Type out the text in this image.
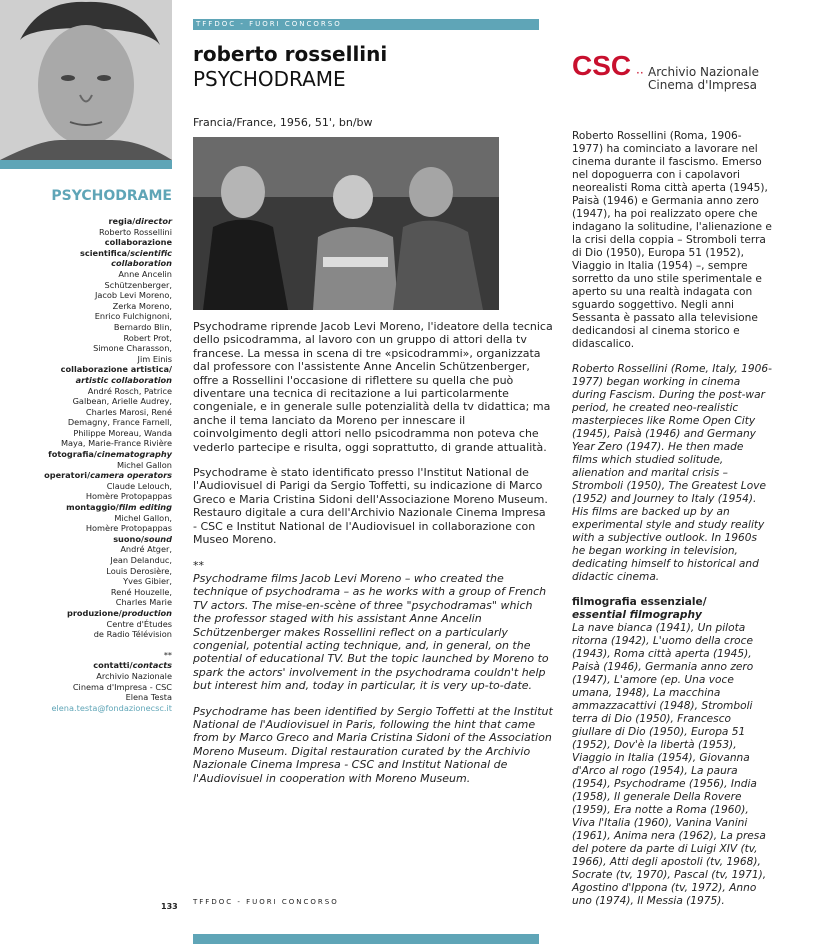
TFFDOC - FUORI CONCORSO
roberto rossellini
PSYCHODRAME	CSC ·· Archivio Nazionale
Cinema d'Impresa
Francia/France, 1956, 51', bn/bw
PSYCHODRAME
regia/director
Roberto Rossellini
collaborazione
scientifica/scientific
collaboration
Anne Ancelin
Schützenberger,
Jacob Levi Moreno,
Zerka Moreno,
Enrico Fulchignoni,
Bernardo Blin,
Robert Prot,
Simone Charasson,
Jim Einis
collaborazione artistica/
artistic collaboration
André Rosch, Patrice
Galbean, Arielle Audrey,
Charles Marosi, René
Demagny, France Farnell,
Philippe Moreau, Wanda
Maya, Marie-France Rivière
fotografia/cinematography
Michel Gallon
operatori/camera operators
Claude Lelouch,
Homère Protopappas
montaggio/film editing
Michel Gallon,
Homère Protopappas
suono/sound
André Atger,
Jean Delanduc,
Louis Derosière,
Yves Gibier,
René Houzelle,
Charles Marie
produzione/production
Centre d'Études
de Radio Télévision
**
contatti/contacts
Archivio Nazionale
Cinema d'Impresa - CSC
Elena Testa
elena.testa@fondazionecsc.it

Psychodrame riprende Jacob Levi Moreno, l'ideatore della tecnica dello psicodramma, al lavoro con un gruppo di attori della tv francese. La messa in scena di tre «psicodrammi», organizzata dal professore con l'assistente Anne Ancelin Schützenberger, offre a Rossellini l'occasione di riflettere su quella che può diventare una tecnica di recitazione a lui particolarmente congeniale, e in generale sulle potenzialità della tv didattica; ma anche il tema lanciato da Moreno per innescare il coinvolgimento degli attori nello psicodramma non poteva che vederlo partecipe e risulta, oggi soprattutto, di grande attualità.

Psychodrame è stato identificato presso l'Institut National de l'Audiovisuel di Parigi da Sergio Toffetti, su indicazione di Marco Greco e Maria Cristina Sidoni dell'Associazione Moreno Museum. Restauro digitale a cura dell'Archivio Nazionale Cinema Impresa - CSC e Institut National de l'Audiovisuel in collaborazione con Museo Moreno.

**

Psychodrame films Jacob Levi Moreno – who created the technique of psychodrama – as he works with a group of French TV actors. The mise-en-scène of three "psychodramas" which the professor staged with his assistant Anne Ancelin Schützenberger makes Rossellini reflect on a particularly congenial, potential acting technique, and, in general, on the potential of educational TV. But the topic launched by Moreno to spark the actors' involvement in the psychodrama couldn't help but interest him and, today in particular, it is very up-to-date.

Psychodrame has been identified by Sergio Toffetti at the Institut National de l'Audiovisuel in Paris, following the hint that came from by Marco Greco and Maria Cristina Sidoni of the Association Moreno Museum. Digital restauration curated by the Archivio Nazionale Cinema Impresa - CSC and Institut National de l'Audiovisuel in cooperation with Moreno Museum.

Roberto Rossellini (Roma, 1906-1977) ha cominciato a lavorare nel cinema durante il fascismo. Emerso nel dopoguerra con i capolavori neorealisti Roma città aperta (1945), Paisà (1946) e Germania anno zero (1947), ha poi realizzato opere che indagano la solitudine, l'alienazione e la crisi della coppia – Stromboli terra di Dio (1950), Europa 51 (1952), Viaggio in Italia (1954) –, sempre sorretto da uno stile sperimentale e aperto su una realtà indagata con sguardo soggettivo. Negli anni Sessanta è passato alla televisione dedicandosi al cinema storico e didascalico.

Roberto Rossellini (Rome, Italy, 1906-1977) began working in cinema during Fascism. During the post-war period, he created neo-realistic masterpieces like Rome Open City (1945), Paisà (1946) and Germany Year Zero (1947). He then made films which studied solitude, alienation and marital crisis – Stromboli (1950), The Greatest Love (1952) and Journey to Italy (1954). His films are backed up by an experimental style and study reality with a subjective outlook. In 1960s he began working in television, dedicating himself to historical and didactic cinema.

filmografia essenziale/
essential filmography
La nave bianca (1941), Un pilota ritorna (1942), L'uomo della croce (1943), Roma città aperta (1945), Paisà (1946), Germania anno zero (1947), L'amore (ep. Una voce umana, 1948), La macchina ammazzacattivi (1948), Stromboli terra di Dio (1950), Francesco giullare di Dio (1950), Europa 51 (1952), Dov'è la libertà (1953), Viaggio in Italia (1954), Giovanna d'Arco al rogo (1954), La paura (1954), Psychodrame (1956), India (1958), Il generale Della Rovere (1959), Era notte a Roma (1960), Viva l'Italia (1960), Vanina Vanini (1961), Anima nera (1962), La presa del potere da parte di Luigi XIV (tv, 1966), Atti degli apostoli (tv, 1968), Socrate (tv, 1970), Pascal (tv, 1971), Agostino d'Ippona (tv, 1972), Anno uno (1974), Il Messia (1975).
133 TFFDOC - FUORI CONCORSO
